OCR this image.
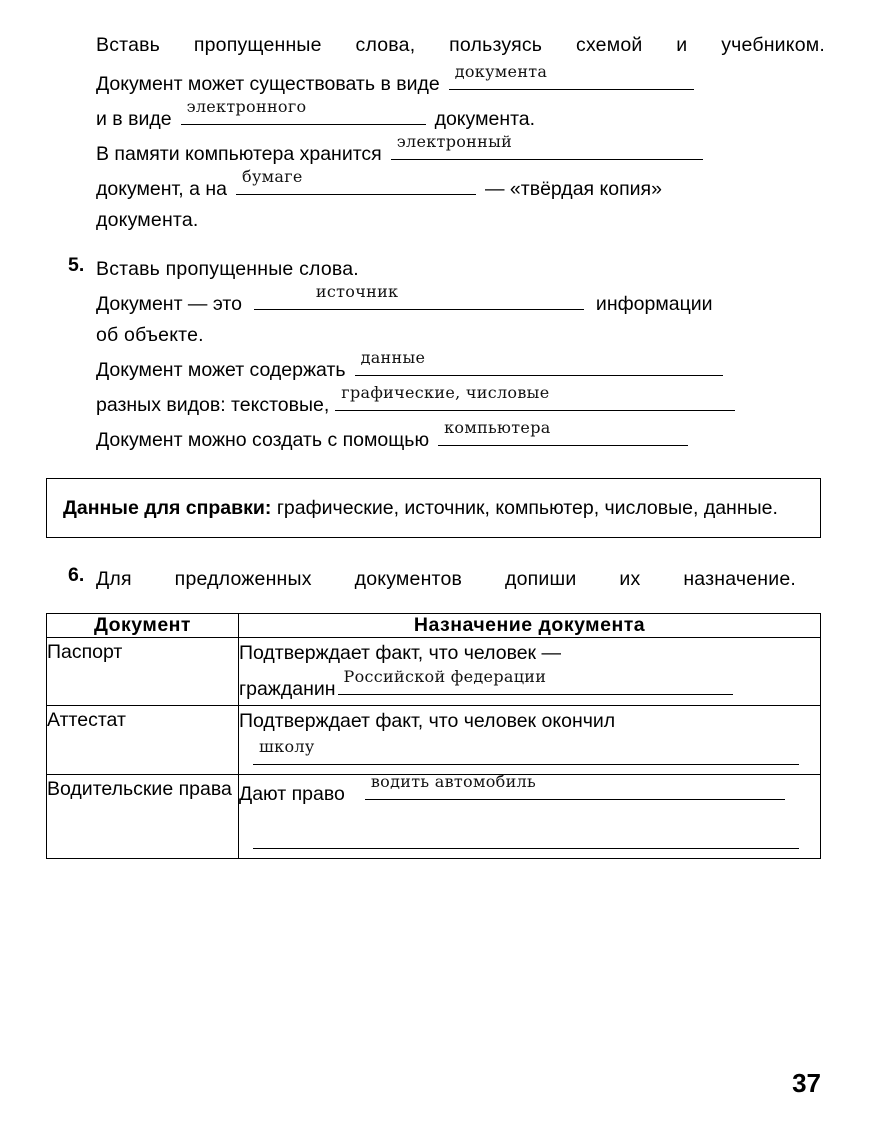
Вставь пропущенные слова, пользуясь схемой и учебником.
Документ может существовать в виде
документа
и в виде
электронного
документа.
В памяти компьютера хранится
электронный
документ, а на
бумаге
— «твёрдая копия»
документа.
5. Вставь пропущенные слова.
Документ — это
источник
информации
об объекте.
Документ может содержать
данные
разных видов: текстовые,
графические, числовые
Документ можно создать с помощью
компьютера
Данные для справки: графические, источник, компьютер, числовые, данные.
6. Для предложенных документов допиши их назначение.
Документ	Назначение документа
Паспорт	Подтверждает факт, что человек —
гражданин
Российской федерации

Аттестат	Подтверждает факт, что человек окончил
школу

Водительские права	Дают право
водить автомобиль
37
